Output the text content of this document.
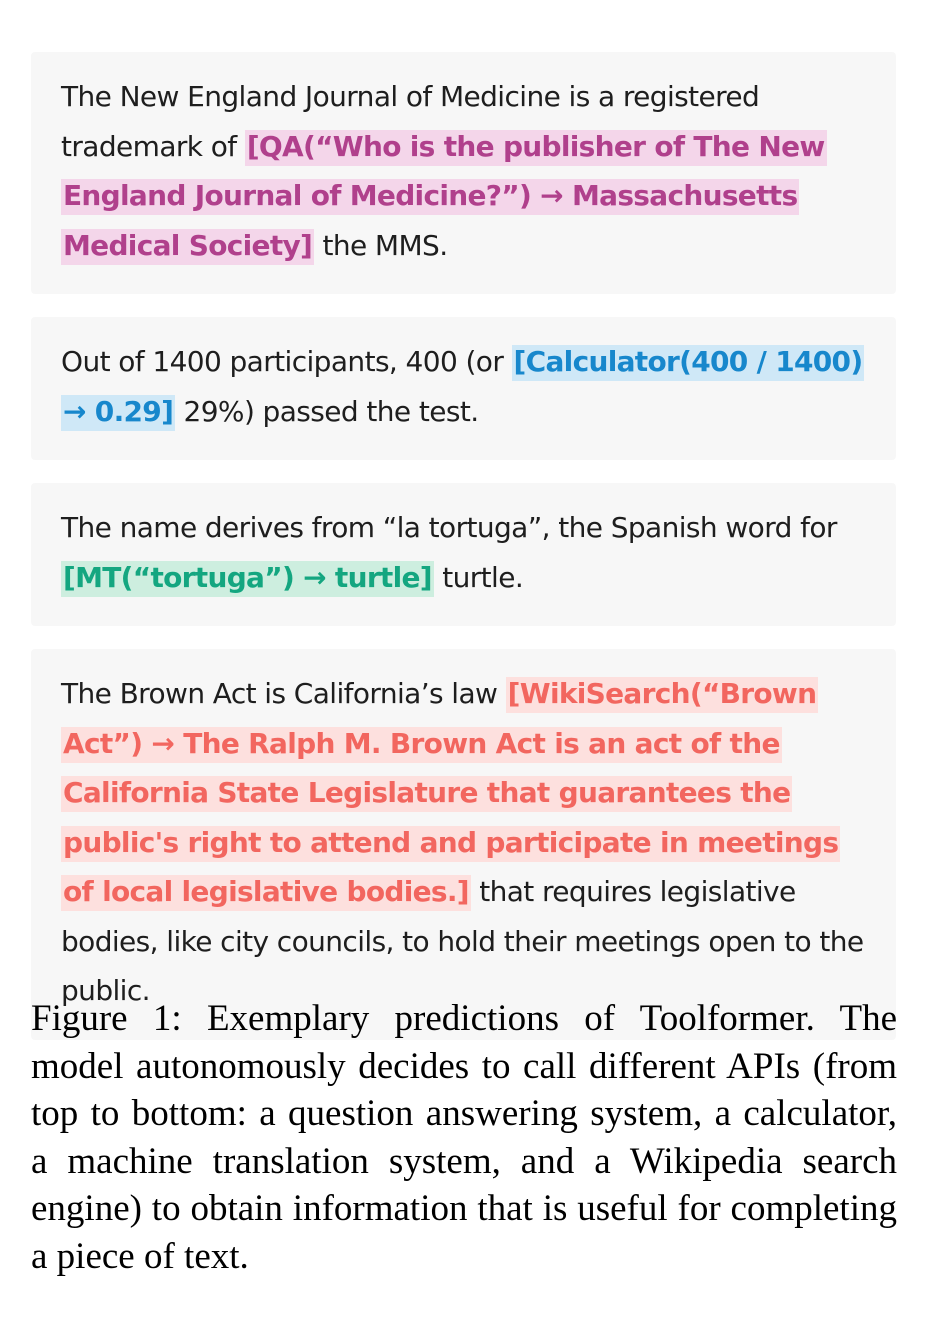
The New England Journal of Medicine is a registered trademark of [QA(“Who is the publisher of The New England Journal of Medicine?”) → Massachusetts Medical Society] the MMS.

Out of 1400 participants, 400 (or [Calculator(400 / 1400) → 0.29] 29%) passed the test.

The name derives from “la tortuga”, the Spanish word for [MT(“tortuga”) → turtle] turtle.

The Brown Act is California’s law [WikiSearch(“Brown Act”) → The Ralph M. Brown Act is an act of the California State Legislature that guarantees the public's right to attend and participate in meetings of local legislative bodies.] that requires legislative bodies, like city councils, to hold their meetings open to the public.

Figure 1: Exemplary predictions of Toolformer. The model autonomously decides to call different APIs (from top to bottom: a question answering system, a calculator, a machine translation system, and a Wikipedia search engine) to obtain information that is useful for completing a piece of text.
